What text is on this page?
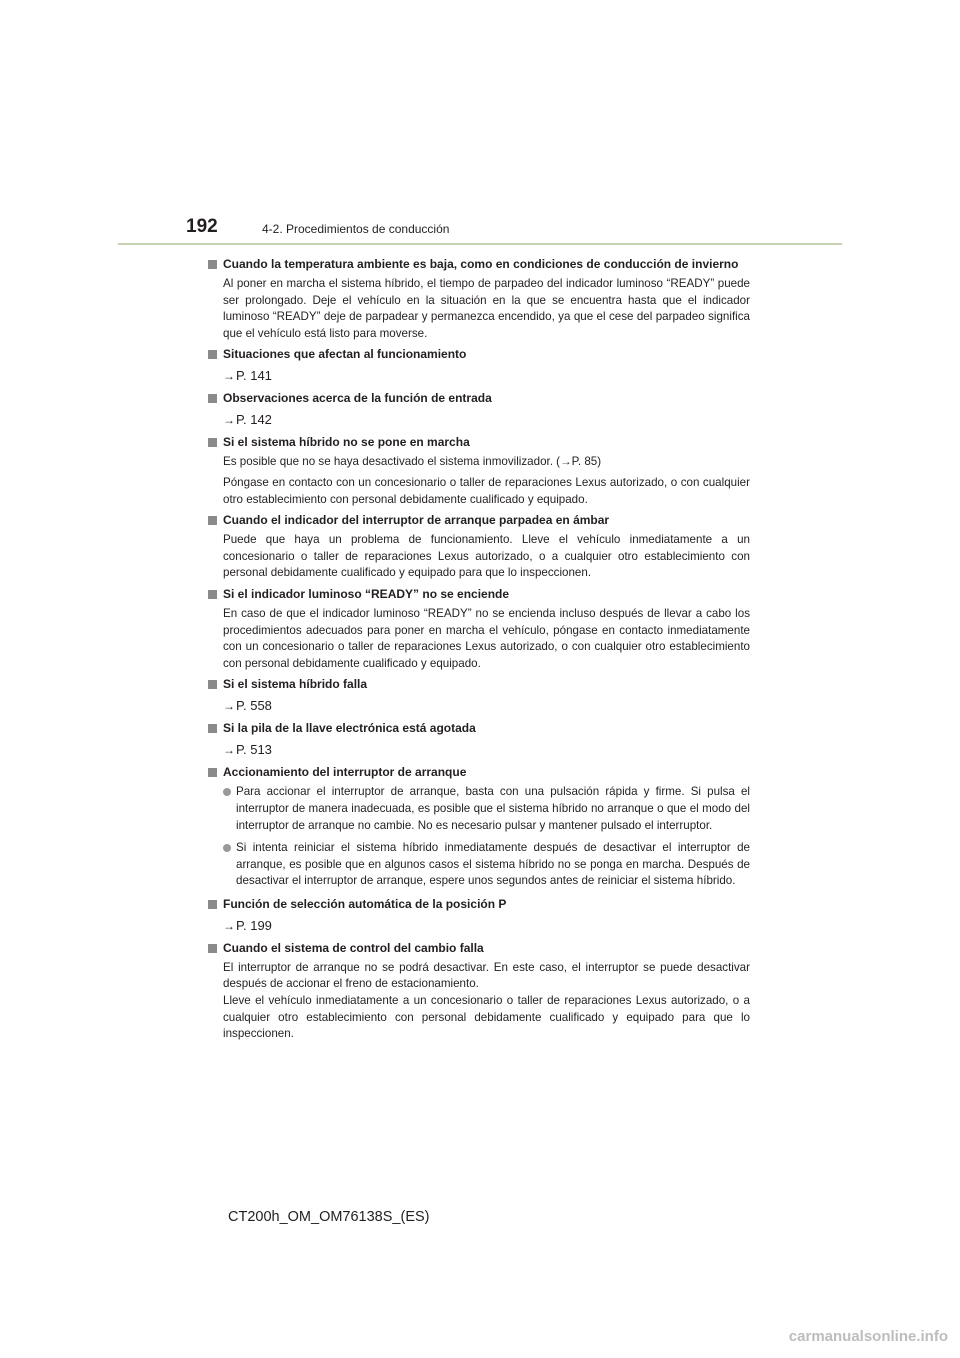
192	4-2. Procedimientos de conducción
Cuando la temperatura ambiente es baja, como en condiciones de conducción de invierno
Al poner en marcha el sistema híbrido, el tiempo de parpadeo del indicador luminoso “READY” puede ser prolongado. Deje el vehículo en la situación en la que se encuentra hasta que el indicador luminoso “READY” deje de parpadear y permanezca encendido, ya que el cese del parpadeo significa que el vehículo está listo para moverse.
Situaciones que afectan al funcionamiento
→P. 141
Observaciones acerca de la función de entrada
→P. 142
Si el sistema híbrido no se pone en marcha
Es posible que no se haya desactivado el sistema inmovilizador. (→P. 85)
Póngase en contacto con un concesionario o taller de reparaciones Lexus autorizado, o con cualquier otro establecimiento con personal debidamente cualificado y equipado.
Cuando el indicador del interruptor de arranque parpadea en ámbar
Puede que haya un problema de funcionamiento. Lleve el vehículo inmediatamente a un concesionario o taller de reparaciones Lexus autorizado, o a cualquier otro establecimiento con personal debidamente cualificado y equipado para que lo inspeccionen.
Si el indicador luminoso “READY” no se enciende
En caso de que el indicador luminoso “READY” no se encienda incluso después de llevar a cabo los procedimientos adecuados para poner en marcha el vehículo, póngase en contacto inmediatamente con un concesionario o taller de reparaciones Lexus autorizado, o con cualquier otro establecimiento con personal debidamente cualificado y equipado.
Si el sistema híbrido falla
→P. 558
Si la pila de la llave electrónica está agotada
→P. 513
Accionamiento del interruptor de arranque
Para accionar el interruptor de arranque, basta con una pulsación rápida y firme. Si pulsa el interruptor de manera inadecuada, es posible que el sistema híbrido no arranque o que el modo del interruptor de arranque no cambie. No es necesario pulsar y mantener pulsado el interruptor.
Si intenta reiniciar el sistema híbrido inmediatamente después de desactivar el interruptor de arranque, es posible que en algunos casos el sistema híbrido no se ponga en marcha. Después de desactivar el interruptor de arranque, espere unos segundos antes de reiniciar el sistema híbrido.
Función de selección automática de la posición P
→P. 199
Cuando el sistema de control del cambio falla
El interruptor de arranque no se podrá desactivar. En este caso, el interruptor se puede desactivar después de accionar el freno de estacionamiento.
Lleve el vehículo inmediatamente a un concesionario o taller de reparaciones Lexus autorizado, o a cualquier otro establecimiento con personal debidamente cualificado y equipado para que lo inspeccionen.
CT200h_OM_OM76138S_(ES)
carmanualsonline.info
